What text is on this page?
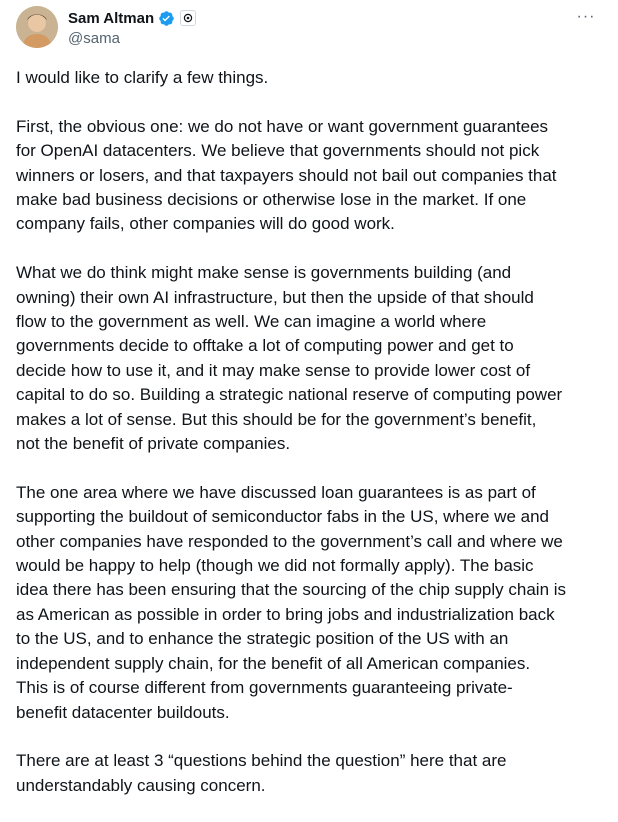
Sam Altman
@sama
···

I would like to clarify a few things.

First, the obvious one: we do not have or want government guarantees
for OpenAI datacenters. We believe that governments should not pick
winners or losers, and that taxpayers should not bail out companies that
make bad business decisions or otherwise lose in the market. If one
company fails, other companies will do good work.

What we do think might make sense is governments building (and
owning) their own AI infrastructure, but then the upside of that should
flow to the government as well. We can imagine a world where
governments decide to offtake a lot of computing power and get to
decide how to use it, and it may make sense to provide lower cost of
capital to do so. Building a strategic national reserve of computing power
makes a lot of sense. But this should be for the government’s benefit,
not the benefit of private companies.

The one area where we have discussed loan guarantees is as part of
supporting the buildout of semiconductor fabs in the US, where we and
other companies have responded to the government’s call and where we
would be happy to help (though we did not formally apply). The basic
idea there has been ensuring that the sourcing of the chip supply chain is
as American as possible in order to bring jobs and industrialization back
to the US, and to enhance the strategic position of the US with an
independent supply chain, for the benefit of all American companies.
This is of course different from governments guaranteeing private-
benefit datacenter buildouts.

There are at least 3 “questions behind the question” here that are
understandably causing concern.
